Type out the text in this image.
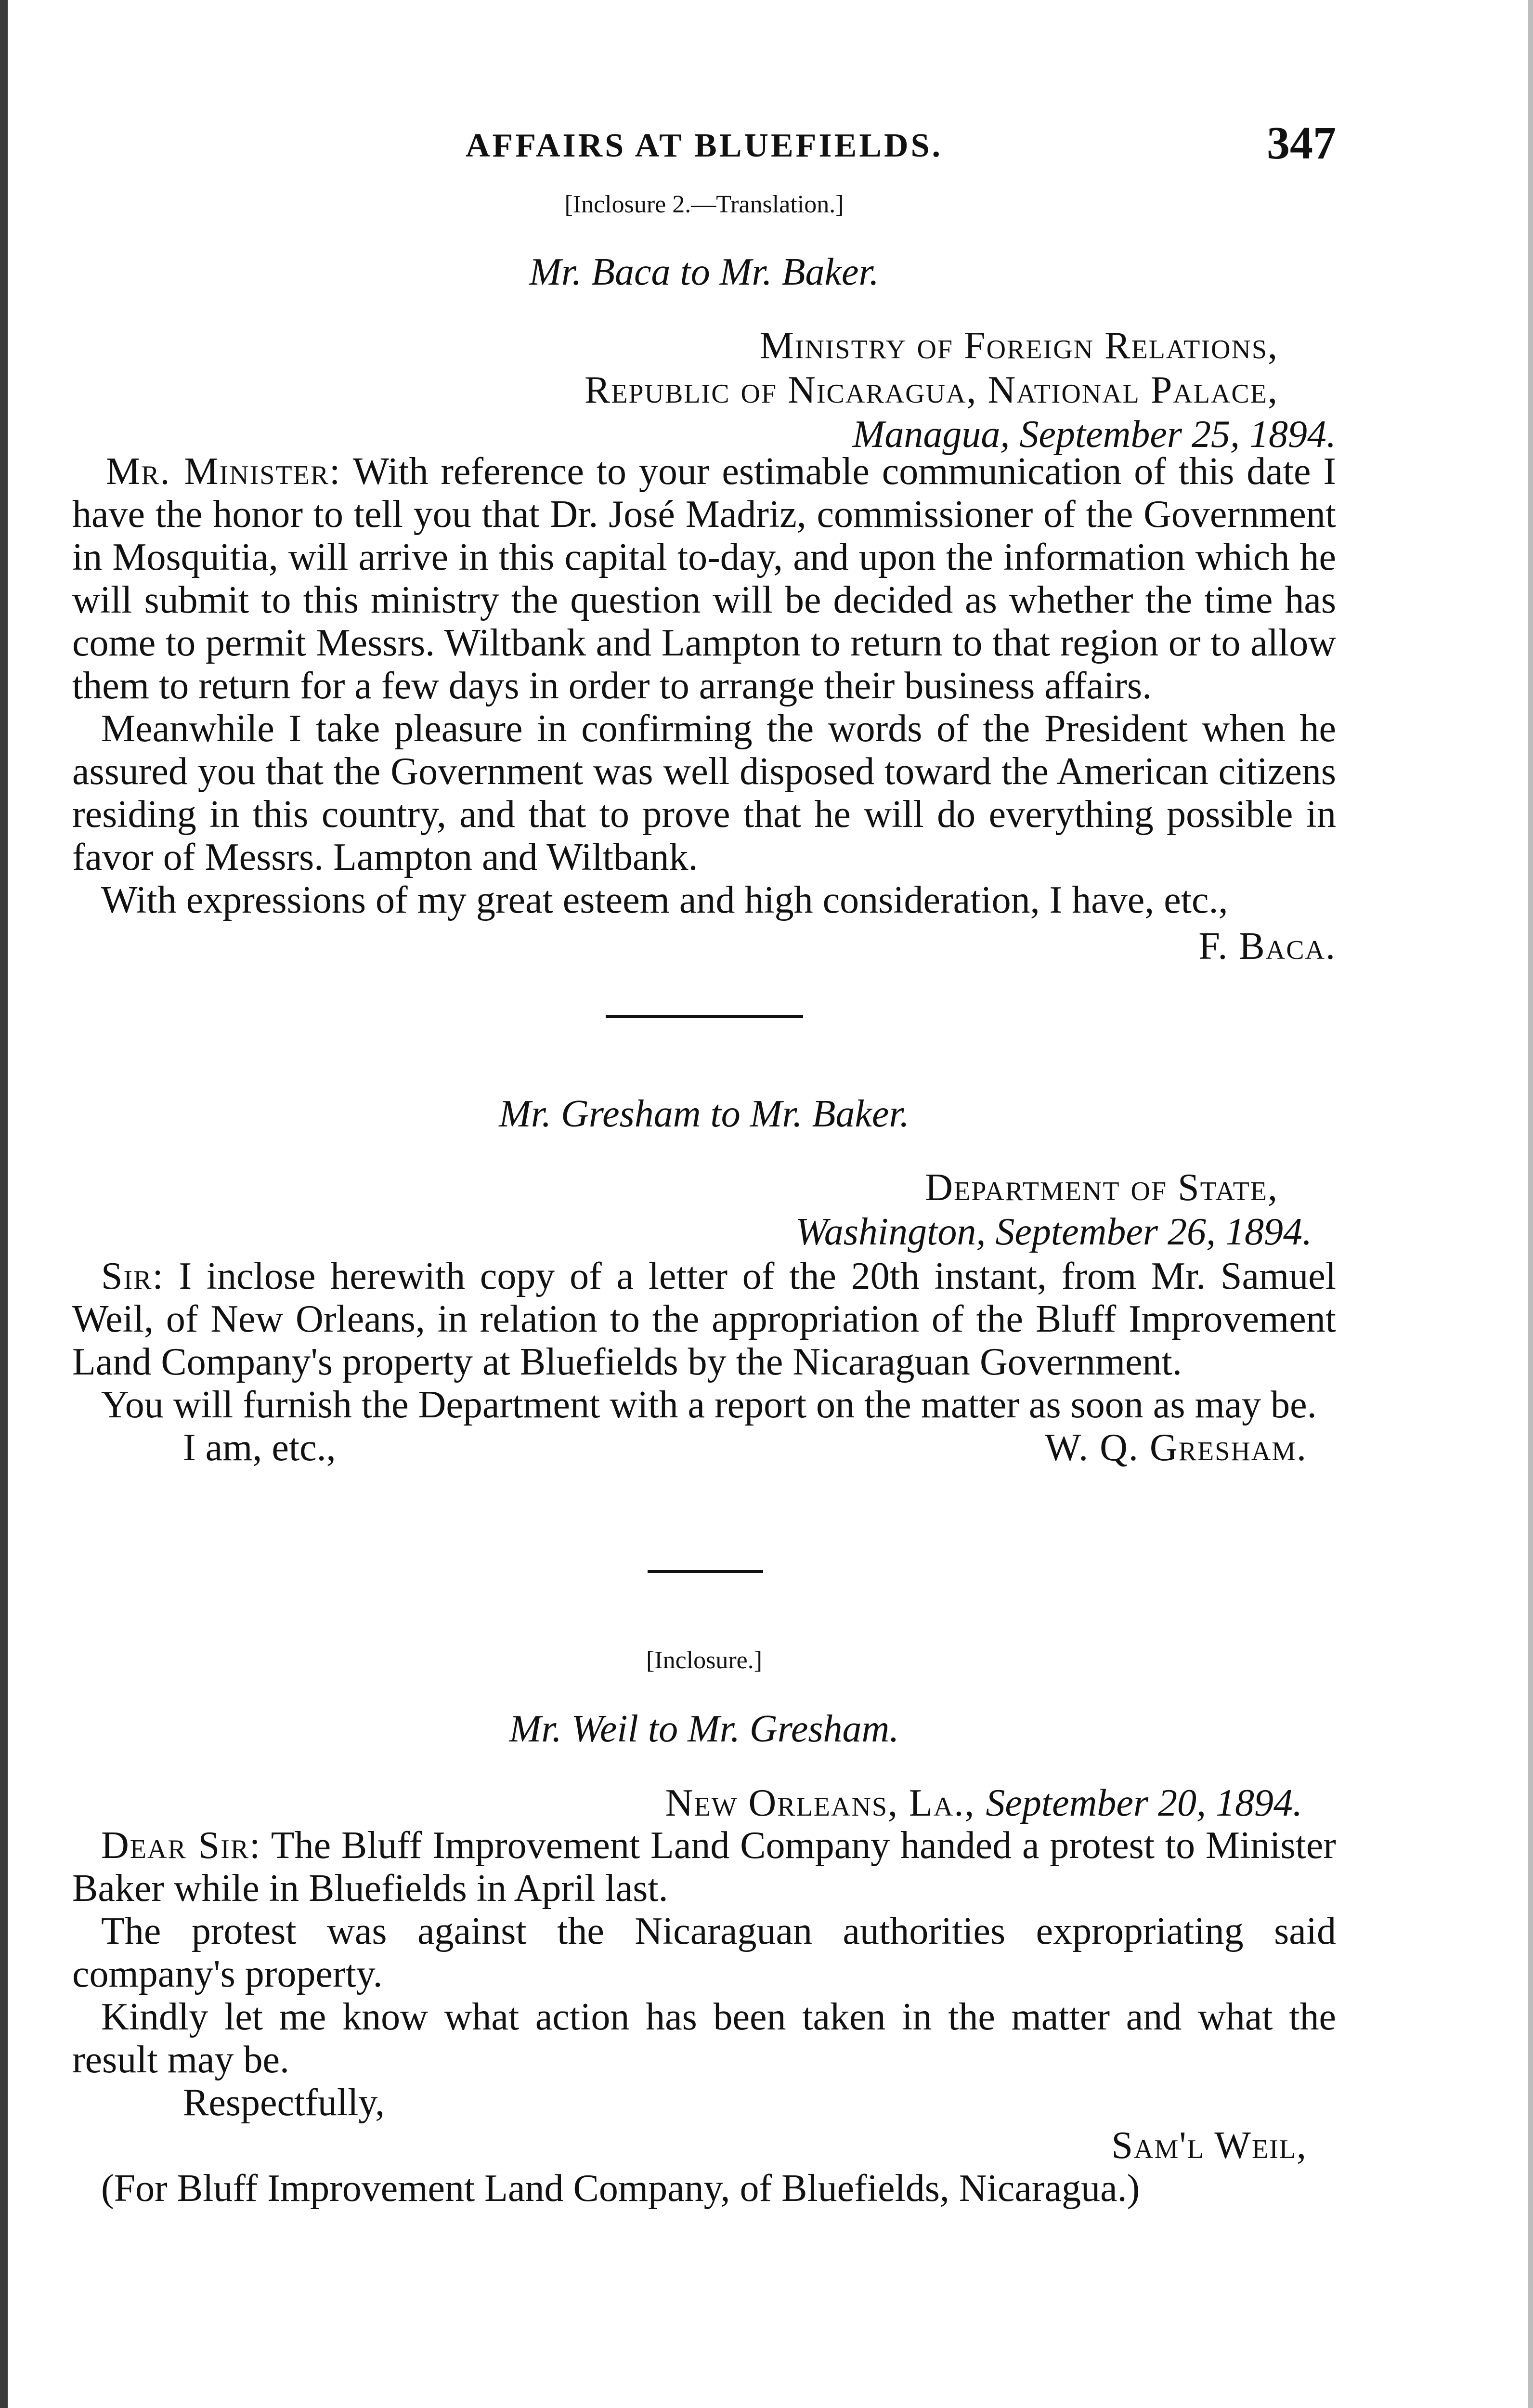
AFFAIRS AT BLUEFIELDS.	347
[Inclosure 2.—Translation.]
Mr. Baca to Mr. Baker.
Ministry of Foreign Relations,
Republic of Nicaragua, National Palace,
Managua, September 25, 1894.

Mr. Minister: With reference to your estimable communication of this date I have the honor to tell you that Dr. José Madriz, commissioner of the Government in Mosquitia, will arrive in this capital to-day, and upon the information which he will submit to this ministry the question will be decided as whether the time has come to permit Messrs. Wiltbank and Lampton to return to that region or to allow them to return for a few days in order to arrange their business affairs.

Meanwhile I take pleasure in confirming the words of the President when he assured you that the Government was well disposed toward the American citizens residing in this country, and that to prove that he will do everything possible in favor of Messrs. Lampton and Wiltbank.

With expressions of my great esteem and high consideration, I have, etc.,

F. Baca.
Mr. Gresham to Mr. Baker.
Department of State,
Washington, September 26, 1894.

Sir: I inclose herewith copy of a letter of the 20th instant, from Mr. Samuel Weil, of New Orleans, in relation to the appropriation of the Bluff Improvement Land Company's property at Bluefields by the Nicaraguan Government.

You will furnish the Department with a report on the matter as soon as may be.

I am, etc.,	W. Q. Gresham.
[Inclosure.]
Mr. Weil to Mr. Gresham.
New Orleans, La., September 20, 1894.

Dear Sir: The Bluff Improvement Land Company handed a protest to Minister Baker while in Bluefields in April last.

The protest was against the Nicaraguan authorities expropriating said company's property.

Kindly let me know what action has been taken in the matter and what the result may be.

Respectfully,
Sam'l Weil,
(For Bluff Improvement Land Company, of Bluefields, Nicaragua.)
